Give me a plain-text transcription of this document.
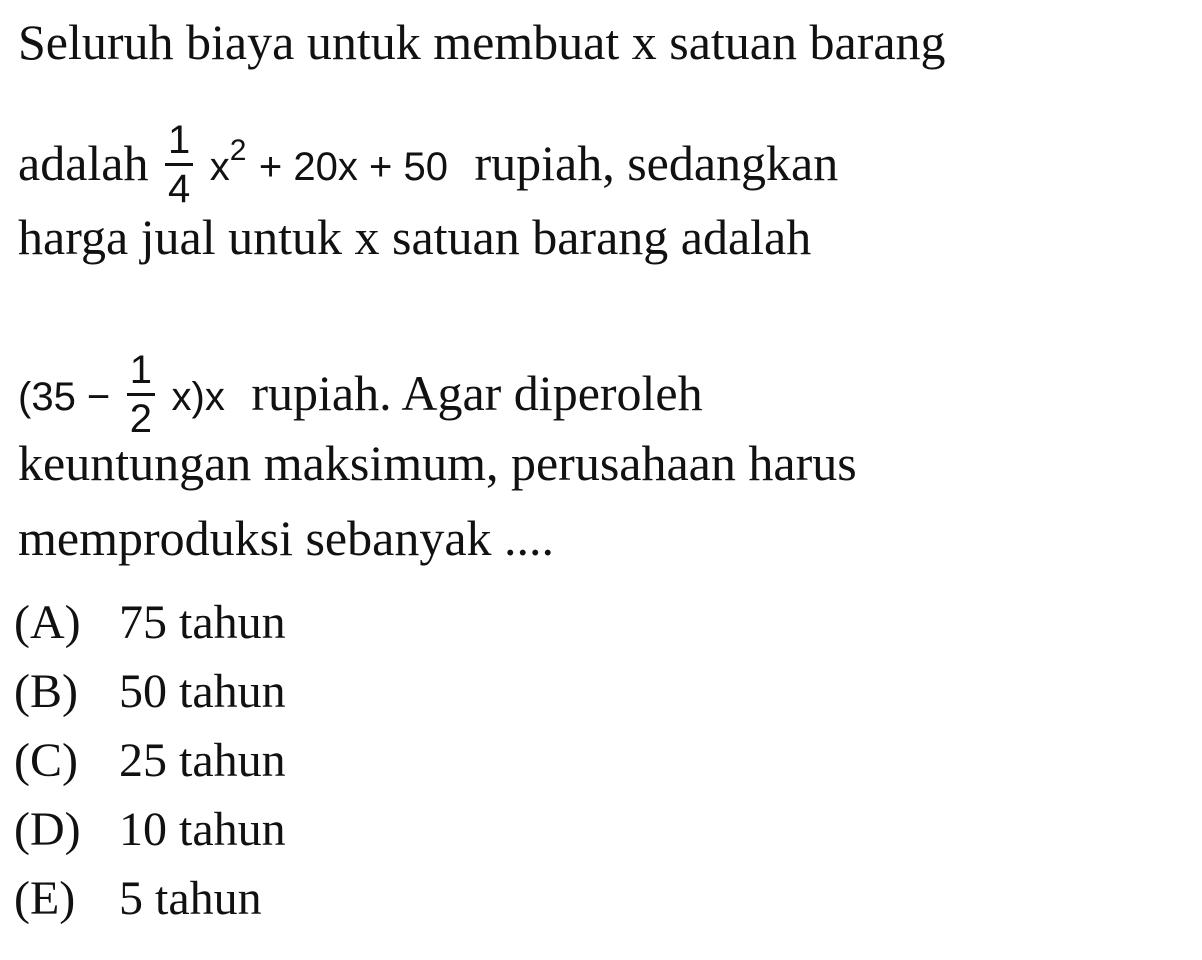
Seluruh biaya untuk membuat x satuan barang
adalah $\frac{1}{4} x^2 + 20x + 50$ rupiah, sedangkan
harga jual untuk x satuan barang adalah
$(35 - \frac{1}{2} x)x$ rupiah. Agar diperoleh
keuntungan maksimum, perusahaan harus
memproduksi sebanyak ....
(A) 75 tahun
(B) 50 tahun
(C) 25 tahun
(D) 10 tahun
(E) 5 tahun
